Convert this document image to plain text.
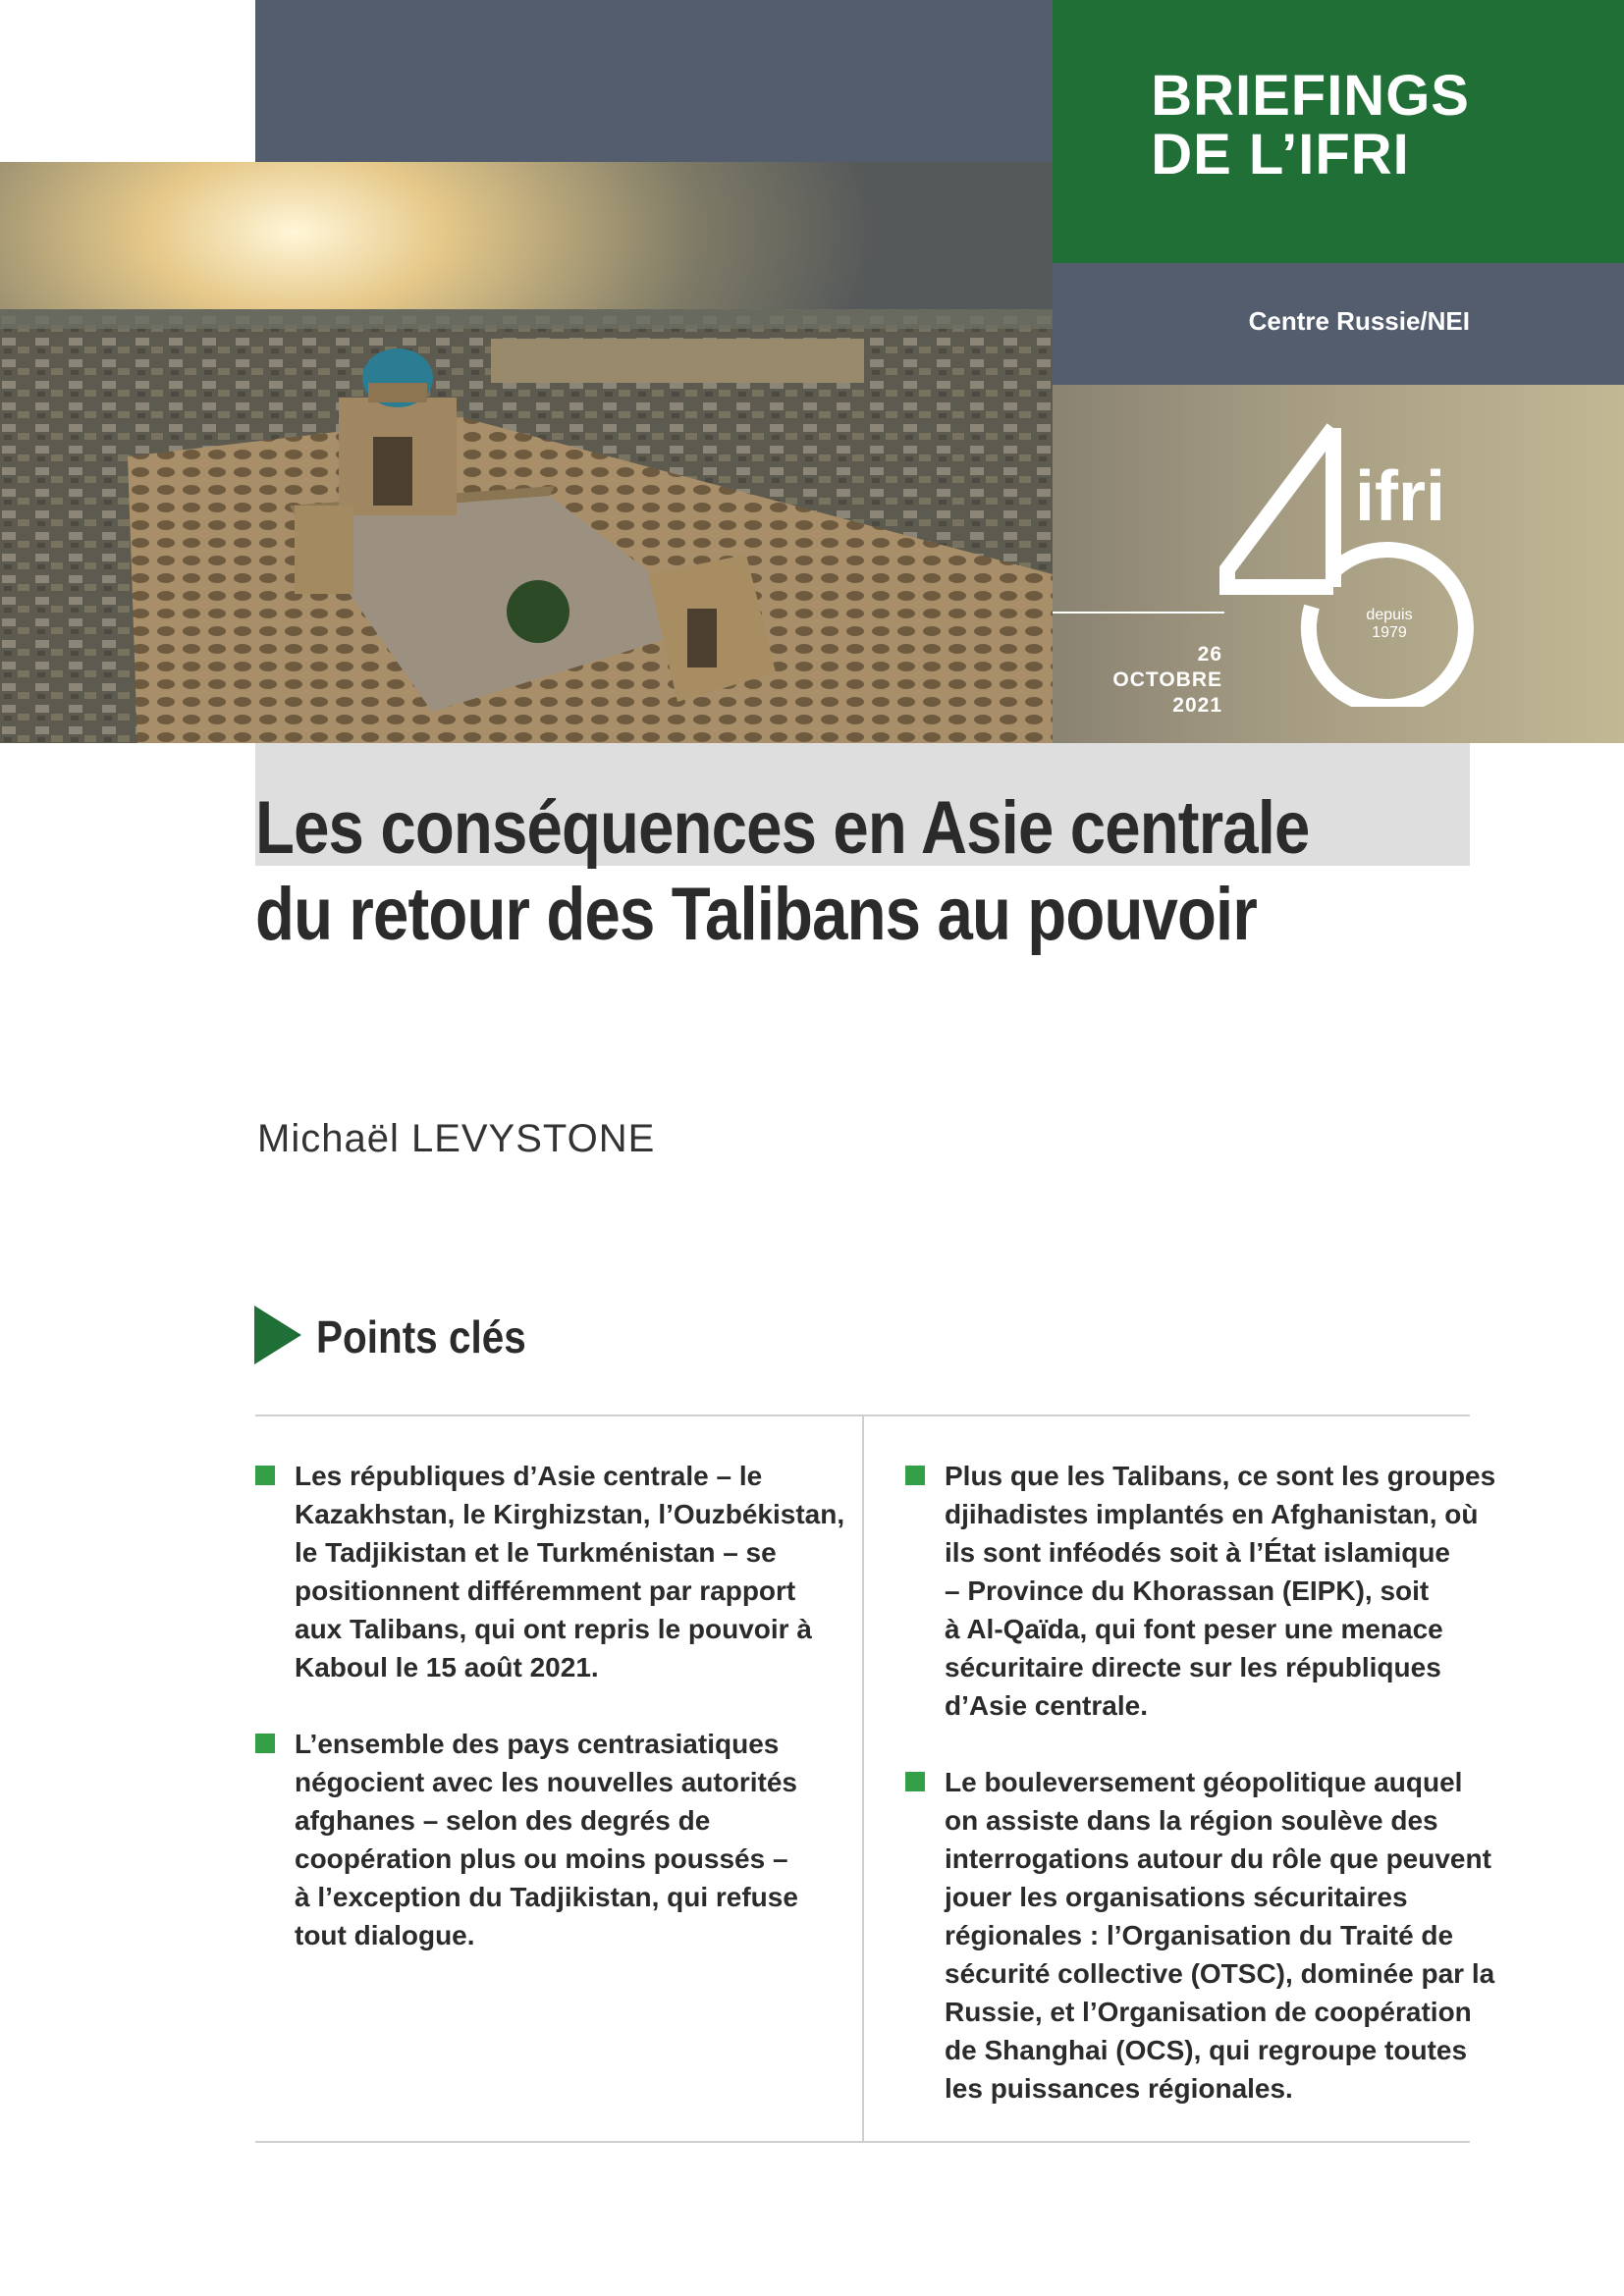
BRIEFINGS
DE L’IFRI
Centre Russie/NEI
26
OCTOBRE
2021
ifri
depuis
1979
Les conséquences en Asie centrale
du retour des Talibans au pouvoir
Michaël LEVYSTONE
Points clés
Les républiques d’Asie centrale – le
Kazakhstan, le Kirghizstan, l’Ouzbékistan,
le Tadjikistan et le Turkménistan – se
positionnent différemment par rapport
aux Talibans, qui ont repris le pouvoir à
Kaboul le 15 août 2021.
L’ensemble des pays centrasiatiques
négocient avec les nouvelles autorités
afghanes – selon des degrés de
coopération plus ou moins poussés –
à l’exception du Tadjikistan, qui refuse
tout dialogue.
Plus que les Talibans, ce sont les groupes
djihadistes implantés en Afghanistan, où
ils sont inféodés soit à l’État islamique
– Province du Khorassan (EIPK), soit
à Al-Qaïda, qui font peser une menace
sécuritaire directe sur les républiques
d’Asie centrale.
Le bouleversement géopolitique auquel
on assiste dans la région soulève des
interrogations autour du rôle que peuvent
jouer les organisations sécuritaires
régionales : l’Organisation du Traité de
sécurité collective (OTSC), dominée par la
Russie, et l’Organisation de coopération
de Shanghai (OCS), qui regroupe toutes
les puissances régionales.
